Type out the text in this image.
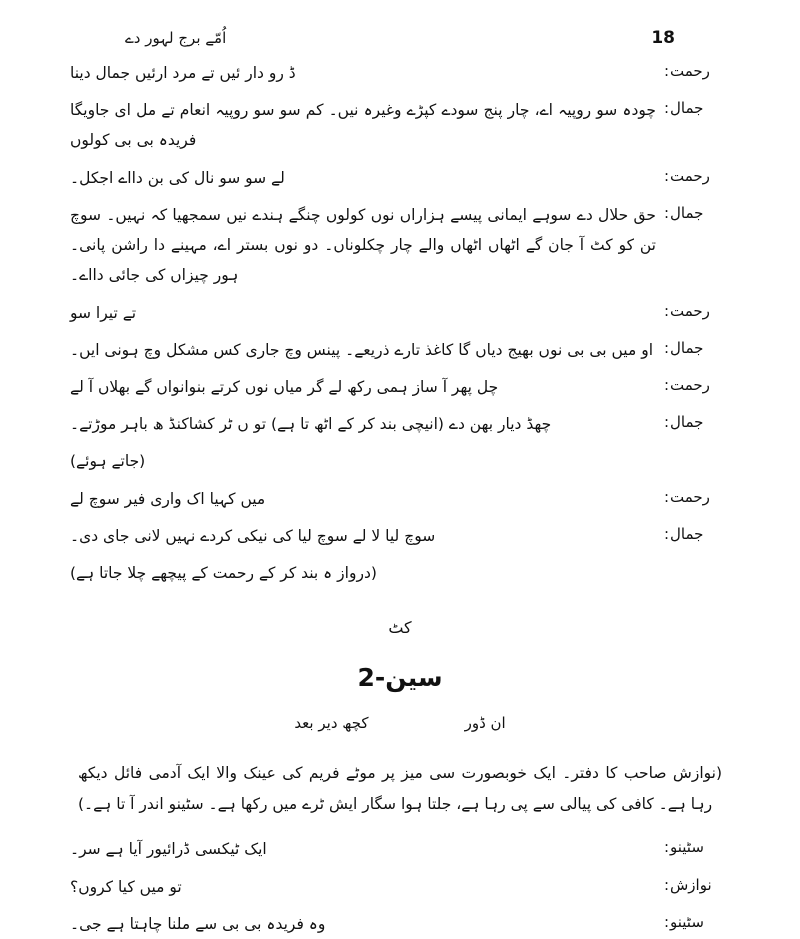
اُمّے برج لہور دے	18
رحمت:
ڈ رو دار ئیں تے مرد ارئیں جمال دینا
جمال:
چودہ سو روپیہ اے، چار پنج سودے کپڑے وغیرہ نیں۔ کم سو سو روپیہ انعام تے مل ای جاویگا فریدہ بی بی کولوں
رحمت:
لے سو سو نال کی بن دااے اجکل۔
جمال:
حق حلال دے سوہے ایمانی پیسے ہزاراں نوں کولوں چنگے ہندے نیں سمجھیا کہ نہیں۔ سوچ تن کو کٹ آ جان گے اٹھاں اٹھاں والے چار چکلوناں۔ دو نوں بستر اے، مہینے دا راشن پانی۔ ہور چیزاں کی جائی دااے۔
رحمت:
تے تیرا سو
جمال:
او میں بی بی نوں بھیج دیاں گا کاغذ تارے ذریعے۔ پینس وچ جاری کس مشکل وچ ہونی ایں۔
رحمت:
چل پھر آ ساز ہمی رکھ لے گر میاں نوں کرتے بنوانواں گے بھلاں آ لے
جمال:
چھڈ دیار بھن دے (انیچی بند کر کے اٹھ تا ہے) تو ں ٹر کشاکنڈ ھ باہر موڑتے۔
(جاتے ہوئے)
رحمت:
میں کہیا اک واری فیر سوچ لے
جمال:
سوچ لیا لا لے سوچ لیا کی نیکی کردے نہیں لانی جای دی۔
(درواز ہ بند کر کے رحمت کے پیچھے چلا جاتا ہے)
کٹ
سین-2
ان ڈور
کچھ دیر بعد
(نوازش صاحب کا دفتر۔ ایک خوبصورت سی میز پر موٹے فریم کی عینک والا ایک آدمی فائل دیکھ رہا ہے۔ کافی کی پیالی سے پی رہا ہے، جلتا ہوا سگار ایش ٹرے میں رکھا ہے۔ سٹینو اندر آ تا ہے۔)
سٹینو:
ایک ٹیکسی ڈرائیور آیا ہے سر۔
نوازش:
تو میں کیا کروں؟
سٹینو:
وہ فریدہ بی بی سے ملنا چاہتا ہے جی۔
